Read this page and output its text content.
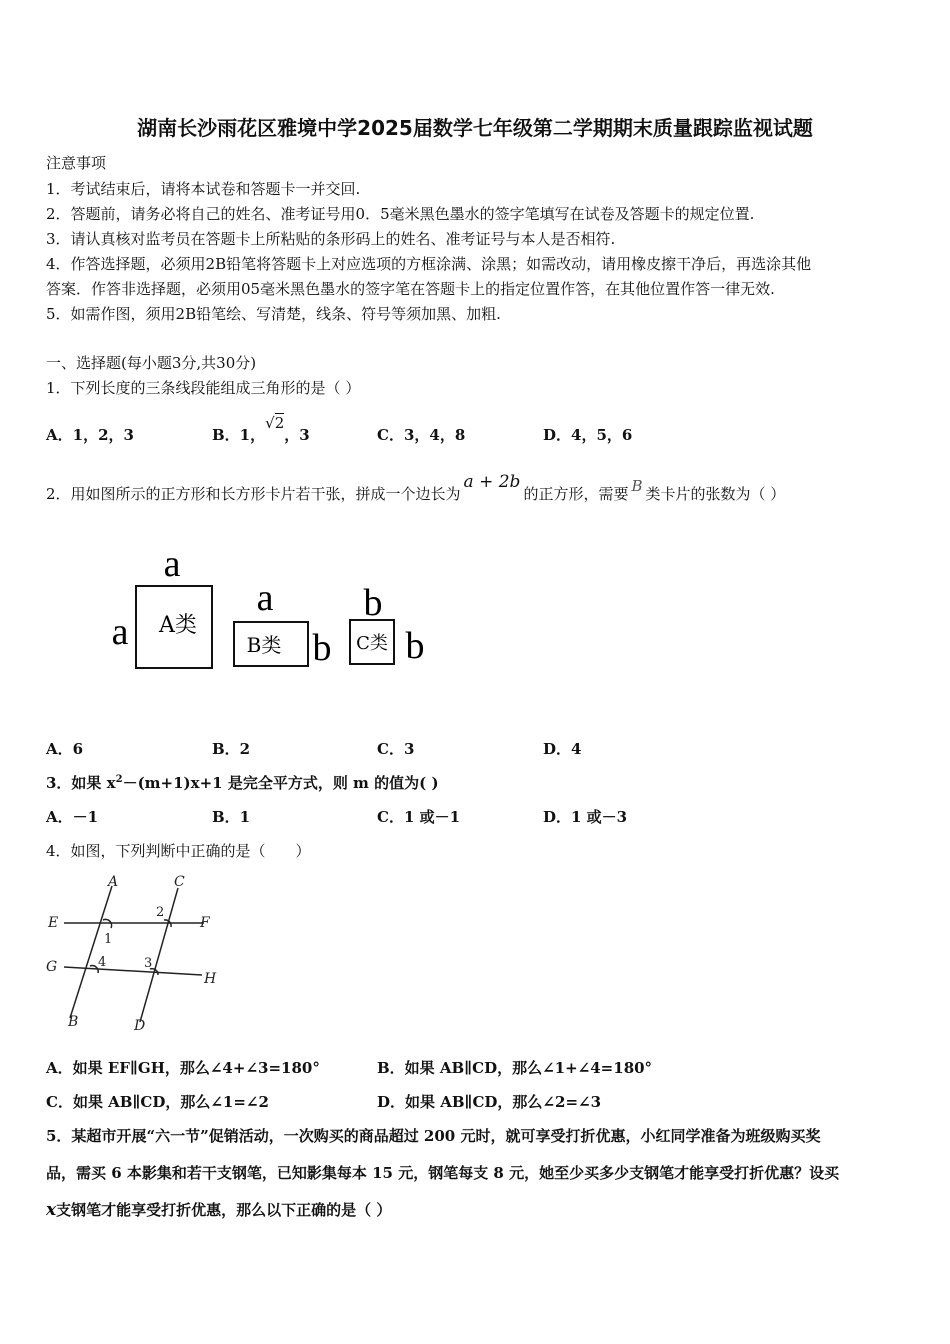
湖南长沙雨花区雅境中学2025届数学七年级第二学期期末质量跟踪监视试题
注意事项
1．考试结束后，请将本试卷和答题卡一并交回.
2．答题前，请务必将自己的姓名、准考证号用0．5毫米黑色墨水的签字笔填写在试卷及答题卡的规定位置.
3．请认真核对监考员在答题卡上所粘贴的条形码上的姓名、准考证号与本人是否相符.
4．作答选择题，必须用2B铅笔将答题卡上对应选项的方框涂满、涂黑；如需改动，请用橡皮擦干净后，再选涂其他
答案．作答非选择题，必须用05毫米黑色墨水的签字笔在答题卡上的指定位置作答，在其他位置作答一律无效.
5．如需作图，须用2B铅笔绘、写清楚，线条、符号等须加黑、加粗.
一、选择题(每小题3分,共30分)
1．下列长度的三条线段能组成三角形的是（ ）
A．1，2，3	B．1，√2，3	C．3，4，8	D．4，5，6
2．用如图所示的正方形和长方形卡片若干张，拼成一个边长为a + 2b的正方形，需要 B 类卡片的张数为（ ）
a
a A类
a
B类 b
b
C类 b
A．6	B．2	C．3	D．4
3．如果 $x^2-(m+1)x+1$ 是完全平方式，则 m 的值为( )
A．－1	B．1	C．1 或－1	D．1 或－3
4．如图，下列判断中正确的是（　　）
A	C
E	F
G
H
B	D
1
2
3
4
A．如果 EF∥GH，那么∠4+∠3=180°	B．如果 AB∥CD，那么∠1+∠4=180°
C．如果 AB∥CD，那么∠1=∠2	D．如果 AB∥CD，那么∠2=∠3
5．某超市开展“六一节”促销活动，一次购买的商品超过 200 元时，就可享受打折优惠，小红同学准备为班级购买奖
品，需买 6 本影集和若干支钢笔，已知影集每本 15 元，钢笔每支 8 元，她至少买多少支钢笔才能享受打折优惠？设买
x支钢笔才能享受打折优惠，那么以下正确的是（ ）
